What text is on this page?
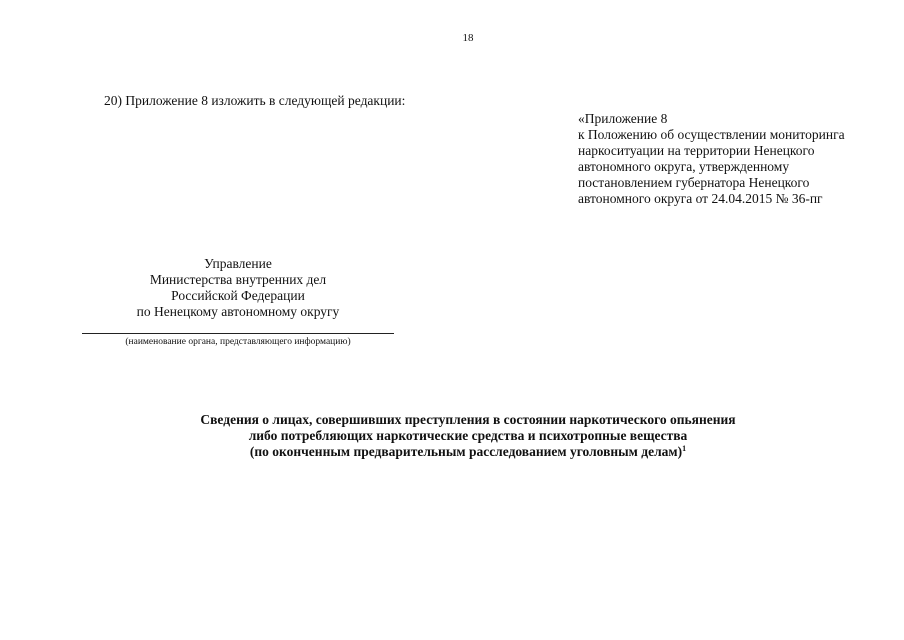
18
20) Приложение 8 изложить в следующей редакции:
«Приложение 8
к Положению об осуществлении мониторинга
наркоситуации на территории Ненецкого
автономного округа, утвержденному
постановлением губернатора Ненецкого
автономного округа от 24.04.2015 № 36-пг
Управление
Министерства внутренних дел
Российской Федерации
по Ненецкому автономному округу
(наименование органа, представляющего информацию)
Сведения о лицах, совершивших преступления в состоянии наркотического опьянения
либо потребляющих наркотические средства и психотропные вещества
(по оконченным предварительным расследованием уголовным делам)$^1$
